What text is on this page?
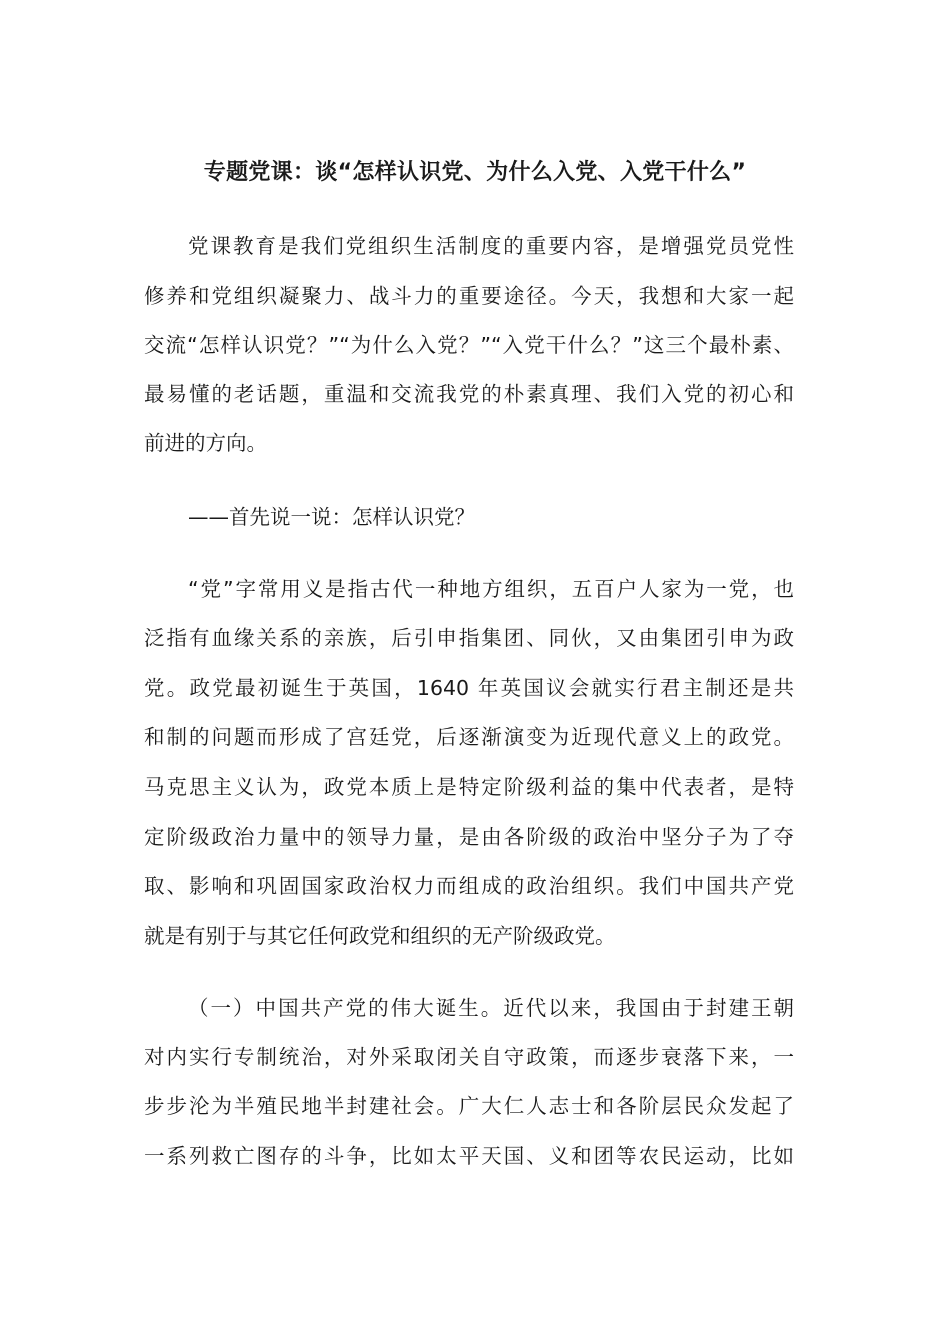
专题党课：谈“怎样认识党、为什么入党、入党干什么”
党课教育是我们党组织生活制度的重要内容，是增强党员党性
修养和党组织凝聚力、战斗力的重要途径。今天，我想和大家一起
交流“怎样认识党？”“为什么入党？”“入党干什么？”这三个最朴素、
最易懂的老话题，重温和交流我党的朴素真理、我们入党的初心和
前进的方向。
——首先说一说：怎样认识党？
“党”字常用义是指古代一种地方组织，五百户人家为一党，也
泛指有血缘关系的亲族，后引申指集团、同伙，又由集团引申为政
党。政党最初诞生于英国，1640 年英国议会就实行君主制还是共
和制的问题而形成了宫廷党，后逐渐演变为近现代意义上的政党。
马克思主义认为，政党本质上是特定阶级利益的集中代表者，是特
定阶级政治力量中的领导力量，是由各阶级的政治中坚分子为了夺
取、影响和巩固国家政治权力而组成的政治组织。我们中国共产党
就是有别于与其它任何政党和组织的无产阶级政党。
（一）中国共产党的伟大诞生。近代以来，我国由于封建王朝
对内实行专制统治，对外采取闭关自守政策，而逐步衰落下来，一
步步沦为半殖民地半封建社会。广大仁人志士和各阶层民众发起了
一系列救亡图存的斗争，比如太平天国、义和团等农民运动，比如
